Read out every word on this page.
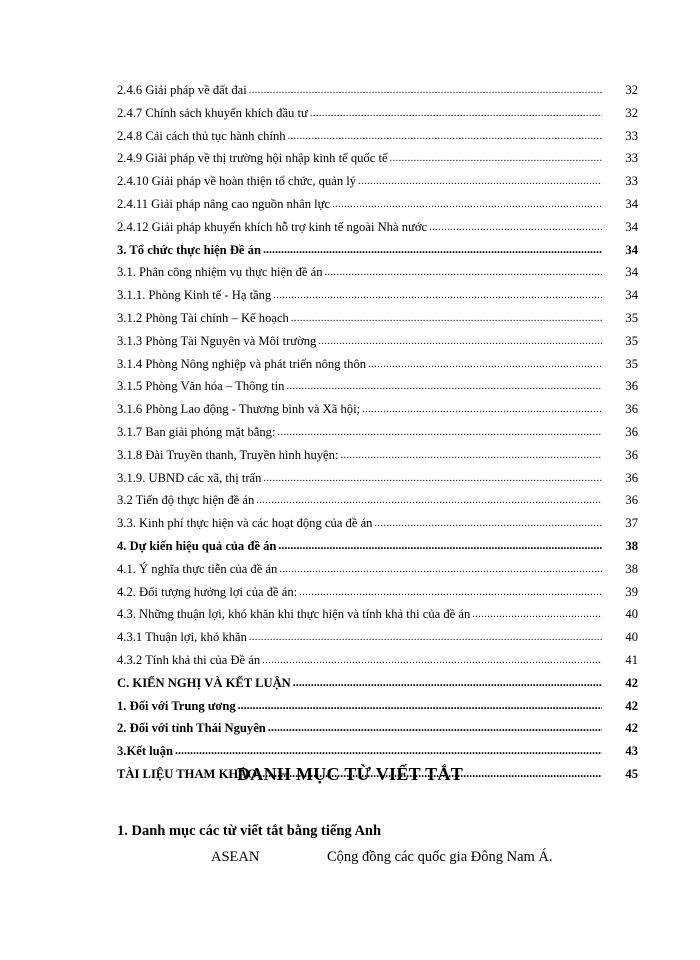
2.4.6 Giải pháp về đất đai .....	32
2.4.7 Chính sách khuyến khích đầu tư .....	32
2.4.8 Cải cách thủ tục hành chính .....	33
2.4.9 Giải pháp về thị trường hội nhập kinh tế quốc tế .....	33
2.4.10 Giải pháp về hoàn thiện tổ chức, quản lý .....	33
2.4.11 Giải pháp nâng cao nguồn nhân lực .....	34
2.4.12 Giải pháp khuyến khích hỗ trợ kinh tế ngoài Nhà nước .....	34
3. Tổ chức thực hiện Đề án .....	34
3.1. Phân công nhiệm vụ thực hiện đề án .....	34
3.1.1. Phòng Kinh tế - Hạ tầng .....	34
3.1.2 Phòng Tài chính – Kế hoạch .....	35
3.1.3 Phòng Tài Nguyên và Môi trường .....	35
3.1.4 Phòng Nông nghiệp và phát triển nông thôn .....	35
3.1.5 Phòng Văn hóa – Thông tin .....	36
3.1.6 Phòng Lao động - Thương binh và Xã hội; .....	36
3.1.7 Ban giải phóng mặt bằng: .....	36
3.1.8 Đài Truyền thanh, Truyền hình huyện: .....	36
3.1.9. UBND các xã, thị trấn .....	36
3.2 Tiến độ thực hiện đề án .....	36
3.3. Kinh phí thực hiện và các hoạt động của đề án .....	37
4. Dự kiến hiệu quả của đề án .....	38
4.1. Ý nghĩa thực tiễn của đề án .....	38
4.2. Đối tượng hưởng lợi của đề án: .....	39
4.3. Những thuận lợi, khó khăn khi thực hiện và tính khả thi của đề án .....	40
4.3.1 Thuận lợi, khó khăn .....	40
4.3.2 Tính khả thi của Đề án .....	41
C. KIẾN NGHỊ VÀ KẾT LUẬN .....	42
1. Đối với Trung ương .....	42
2. Đối với tỉnh Thái Nguyên .....	42
3.Kết luận .....	43
TÀI LIỆU THAM KHẢO .....	45
DANH MỤC TỪ VIẾT TẮT
1. Danh mục các từ viết tắt bằng tiếng Anh
ASEAN	Cộng đồng các quốc gia Đông Nam Á.
